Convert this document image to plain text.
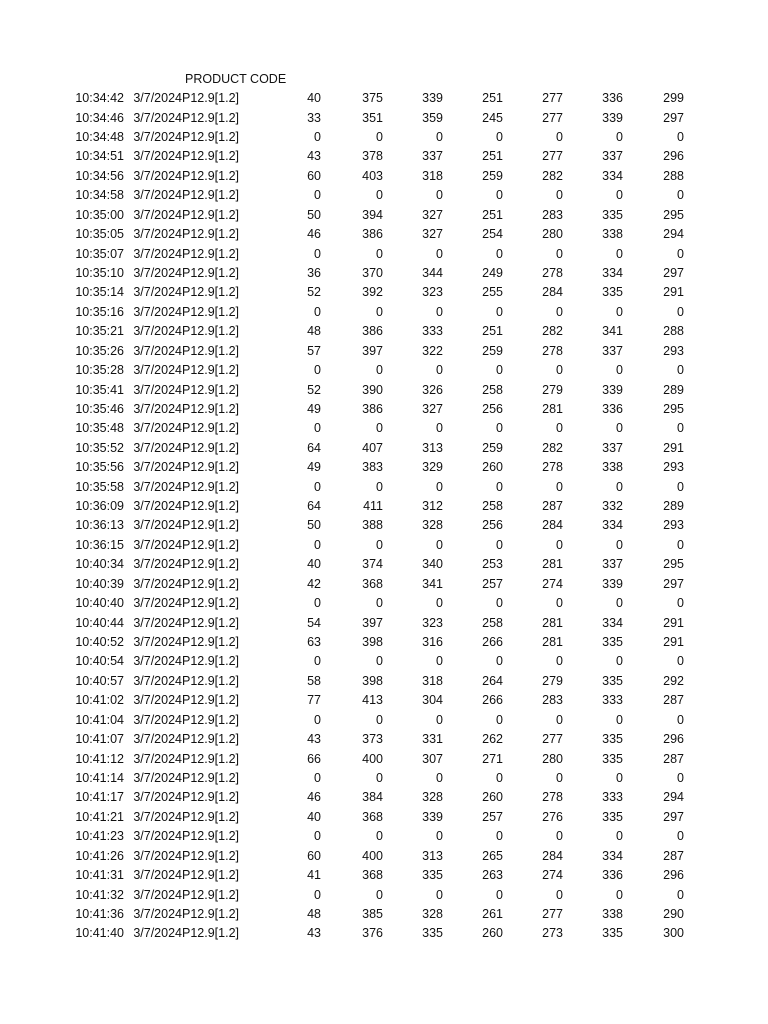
PRODUCT CODE
10:34:42	3/7/2024	P12.9[1.2]	40	375	339	251	277	336	299
10:34:46	3/7/2024	P12.9[1.2]	33	351	359	245	277	339	297
10:34:48	3/7/2024	P12.9[1.2]	0	0	0	0	0	0	0
10:34:51	3/7/2024	P12.9[1.2]	43	378	337	251	277	337	296
10:34:56	3/7/2024	P12.9[1.2]	60	403	318	259	282	334	288
10:34:58	3/7/2024	P12.9[1.2]	0	0	0	0	0	0	0
10:35:00	3/7/2024	P12.9[1.2]	50	394	327	251	283	335	295
10:35:05	3/7/2024	P12.9[1.2]	46	386	327	254	280	338	294
10:35:07	3/7/2024	P12.9[1.2]	0	0	0	0	0	0	0
10:35:10	3/7/2024	P12.9[1.2]	36	370	344	249	278	334	297
10:35:14	3/7/2024	P12.9[1.2]	52	392	323	255	284	335	291
10:35:16	3/7/2024	P12.9[1.2]	0	0	0	0	0	0	0
10:35:21	3/7/2024	P12.9[1.2]	48	386	333	251	282	341	288
10:35:26	3/7/2024	P12.9[1.2]	57	397	322	259	278	337	293
10:35:28	3/7/2024	P12.9[1.2]	0	0	0	0	0	0	0
10:35:41	3/7/2024	P12.9[1.2]	52	390	326	258	279	339	289
10:35:46	3/7/2024	P12.9[1.2]	49	386	327	256	281	336	295
10:35:48	3/7/2024	P12.9[1.2]	0	0	0	0	0	0	0
10:35:52	3/7/2024	P12.9[1.2]	64	407	313	259	282	337	291
10:35:56	3/7/2024	P12.9[1.2]	49	383	329	260	278	338	293
10:35:58	3/7/2024	P12.9[1.2]	0	0	0	0	0	0	0
10:36:09	3/7/2024	P12.9[1.2]	64	411	312	258	287	332	289
10:36:13	3/7/2024	P12.9[1.2]	50	388	328	256	284	334	293
10:36:15	3/7/2024	P12.9[1.2]	0	0	0	0	0	0	0
10:40:34	3/7/2024	P12.9[1.2]	40	374	340	253	281	337	295
10:40:39	3/7/2024	P12.9[1.2]	42	368	341	257	274	339	297
10:40:40	3/7/2024	P12.9[1.2]	0	0	0	0	0	0	0
10:40:44	3/7/2024	P12.9[1.2]	54	397	323	258	281	334	291
10:40:52	3/7/2024	P12.9[1.2]	63	398	316	266	281	335	291
10:40:54	3/7/2024	P12.9[1.2]	0	0	0	0	0	0	0
10:40:57	3/7/2024	P12.9[1.2]	58	398	318	264	279	335	292
10:41:02	3/7/2024	P12.9[1.2]	77	413	304	266	283	333	287
10:41:04	3/7/2024	P12.9[1.2]	0	0	0	0	0	0	0
10:41:07	3/7/2024	P12.9[1.2]	43	373	331	262	277	335	296
10:41:12	3/7/2024	P12.9[1.2]	66	400	307	271	280	335	287
10:41:14	3/7/2024	P12.9[1.2]	0	0	0	0	0	0	0
10:41:17	3/7/2024	P12.9[1.2]	46	384	328	260	278	333	294
10:41:21	3/7/2024	P12.9[1.2]	40	368	339	257	276	335	297
10:41:23	3/7/2024	P12.9[1.2]	0	0	0	0	0	0	0
10:41:26	3/7/2024	P12.9[1.2]	60	400	313	265	284	334	287
10:41:31	3/7/2024	P12.9[1.2]	41	368	335	263	274	336	296
10:41:32	3/7/2024	P12.9[1.2]	0	0	0	0	0	0	0
10:41:36	3/7/2024	P12.9[1.2]	48	385	328	261	277	338	290
10:41:40	3/7/2024	P12.9[1.2]	43	376	335	260	273	335	300
